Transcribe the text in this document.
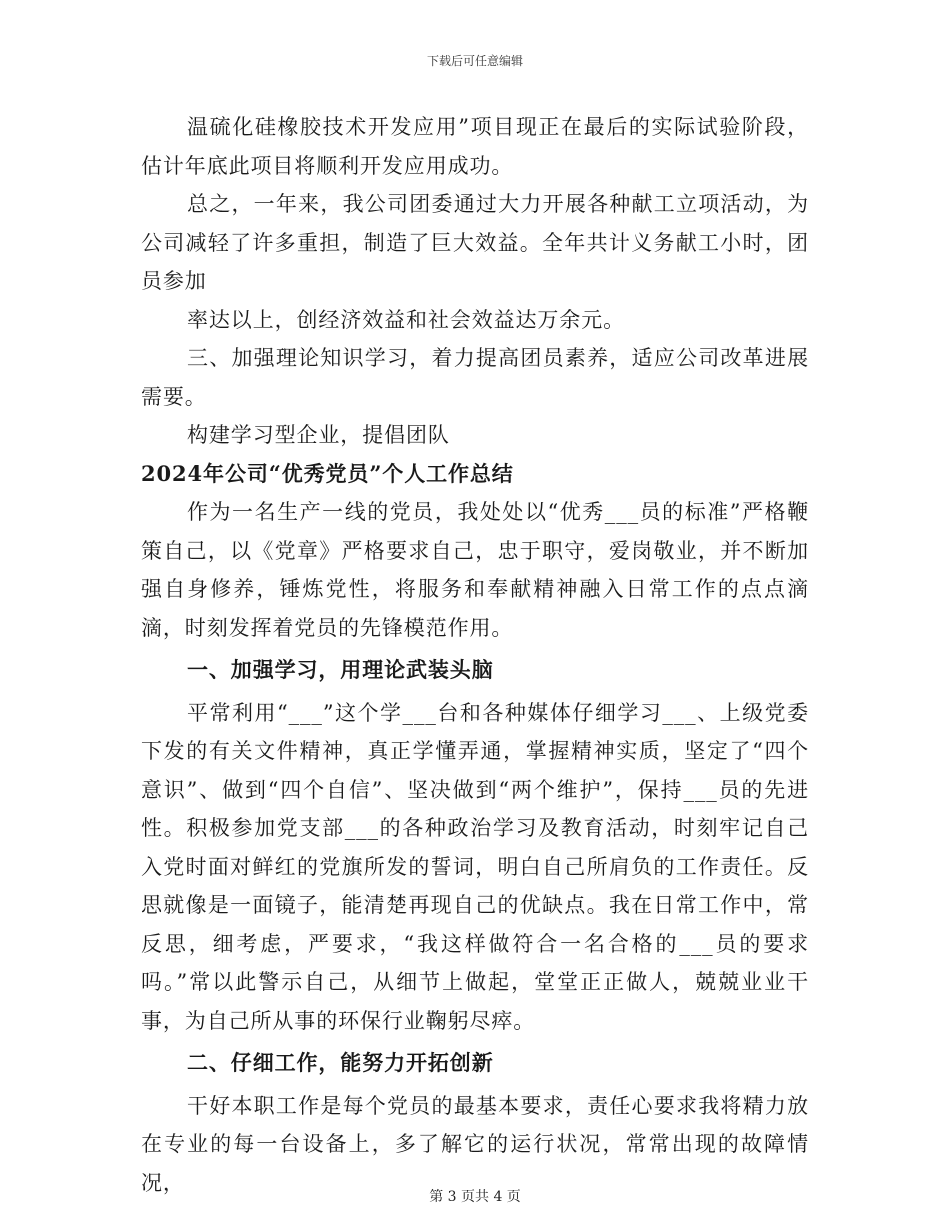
下载后可任意编辑

温硫化硅橡胶技术开发应用”项目现正在最后的实际试验阶段，估计年底此项目将顺利开发应用成功。

总之，一年来，我公司团委通过大力开展各种献工立项活动，为公司减轻了许多重担，制造了巨大效益。全年共计义务献工小时，团员参加

率达以上，创经济效益和社会效益达万余元。

三、加强理论知识学习，着力提高团员素养，适应公司改革进展需要。

构建学习型企业，提倡团队

2024年公司“优秀党员”个人工作总结

作为一名生产一线的党员，我处处以“优秀___员的标准”严格鞭策自己，以《党章》严格要求自己，忠于职守，爱岗敬业，并不断加强自身修养，锤炼党性，将服务和奉献精神融入日常工作的点点滴滴，时刻发挥着党员的先锋模范作用。

一、加强学习，用理论武装头脑

平常利用“___”这个学___台和各种媒体仔细学习___、上级党委下发的有关文件精神，真正学懂弄通，掌握精神实质，坚定了“四个意识”、做到“四个自信”、坚决做到“两个维护”，保持___员的先进性。积极参加党支部___的各种政治学习及教育活动，时刻牢记自己入党时面对鲜红的党旗所发的誓词，明白自己所肩负的工作责任。反思就像是一面镜子，能清楚再现自己的优缺点。我在日常工作中，常反思，细考虑，严要求，“我这样做符合一名合格的___员的要求吗。”常以此警示自己，从细节上做起，堂堂正正做人，兢兢业业干事，为自己所从事的环保行业鞠躬尽瘁。

二、仔细工作，能努力开拓创新

干好本职工作是每个党员的最基本要求，责任心要求我将精力放在专业的每一台设备上，多了解它的运行状况，常常出现的故障情况，

第 3 页共 4 页
